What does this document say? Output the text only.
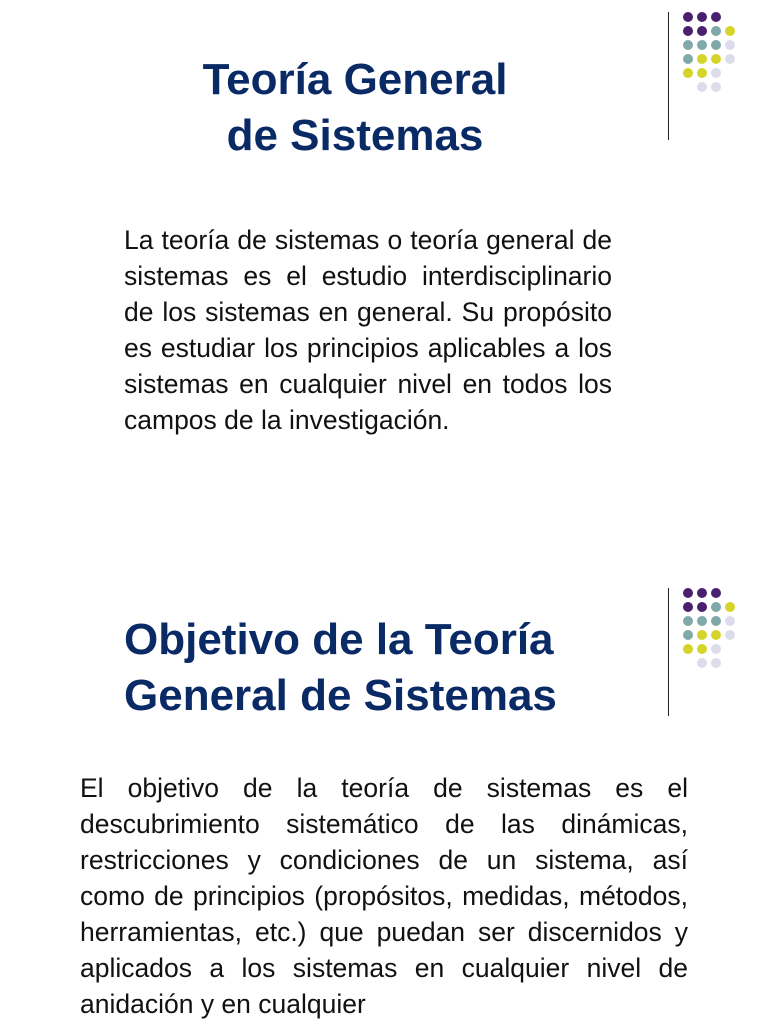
Teoría General
de Sistemas
La teoría de sistemas o teoría general de sistemas es el estudio interdisciplinario de los sistemas en general. Su propósito es estudiar los principios aplicables a los sistemas en cualquier nivel en todos los campos de la investigación.
Objetivo de la Teoría
General de Sistemas
El objetivo de la teoría de sistemas es el descubrimiento sistemático de las dinámicas, restricciones y condiciones de un sistema, así como de principios (propósitos, medidas, métodos, herramientas, etc.) que puedan ser discernidos y aplicados a los sistemas en cualquier nivel de anidación y en cualquier
